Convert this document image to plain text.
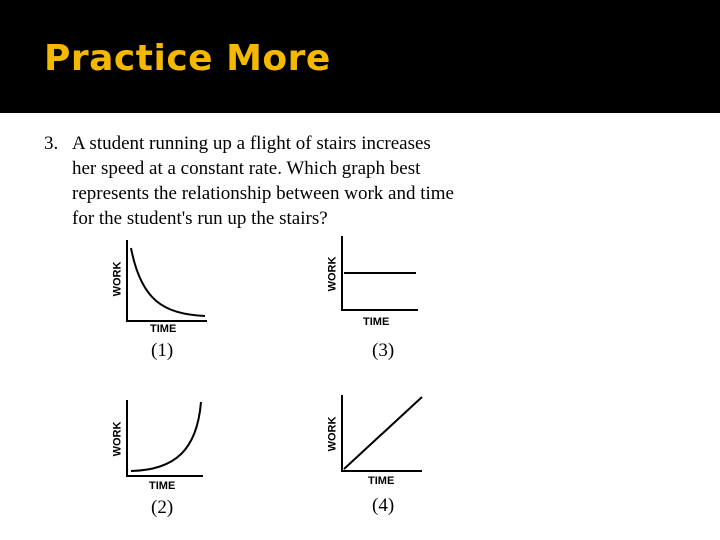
Practice More
3. A student running up a flight of stairs increases
her speed at a constant rate. Which graph best
represents the relationship between work and time
for the student's run up the stairs?
WORK
TIME
(1)
WORK
TIME
(3)
WORK
TIME
(2)
WORK
TIME
(4)
